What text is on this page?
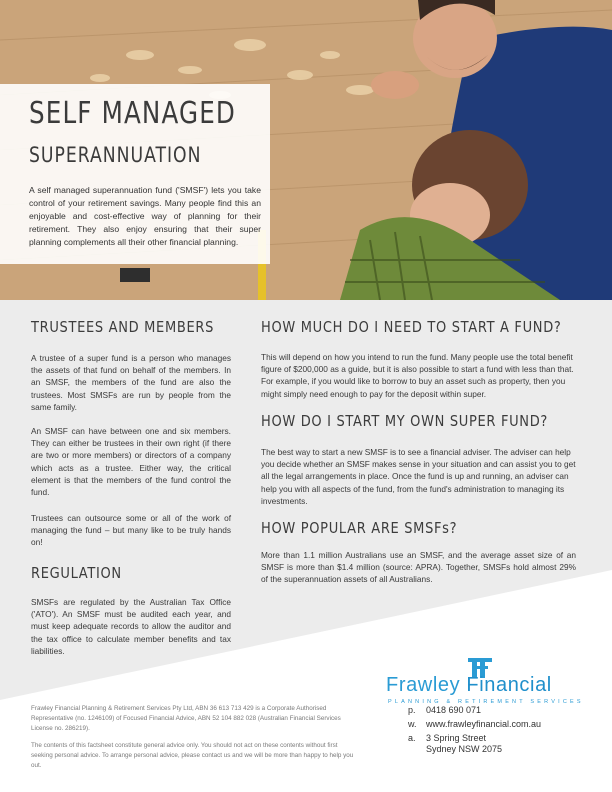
SELF MANAGED
SUPERANNUATION

A self managed superannuation fund ('SMSF') lets you take control of your retirement savings. Many people find this an enjoyable and cost-effective way of planning for their retirement. They also enjoy ensuring that their super planning complements all their other financial planning.

TRUSTEES AND MEMBERS

A trustee of a super fund is a person who manages the assets of that fund on behalf of the members. In an SMSF, the members of the fund are also the trustees. Most SMSFs are run by people from the same family.

An SMSF can have between one and six members. They can either be trustees in their own right (if there are two or more members) or directors of a company which acts as a trustee. Either way, the critical element is that the members of the fund control the fund.

Trustees can outsource some or all of the work of managing the fund – but many like to be truly hands on!

REGULATION

SMSFs are regulated by the Australian Tax Office ('ATO'). An SMSF must be audited each year, and must keep adequate records to allow the auditor and the tax office to calculate member benefits and tax liabilities.

HOW MUCH DO I NEED TO START A FUND?

This will depend on how you intend to run the fund. Many people use the total benefit figure of $200,000 as a guide, but it is also possible to start a fund with less than that. For example, if you would like to borrow to buy an asset such as property, then you might simply need enough to pay for the deposit within super.

HOW DO I START MY OWN SUPER FUND?

The best way to start a new SMSF is to see a financial adviser. The adviser can help you decide whether an SMSF makes sense in your situation and can assist you to get all the legal arrangements in place. Once the fund is up and running, an adviser can help you with all aspects of the fund, from the fund's administration to managing its investments.

HOW POPULAR ARE SMSFs?

More than 1.1 million Australians use an SMSF, and the average asset size of an SMSF is more than $1.4 million (source: APRA). Together, SMSFs hold almost 29% of the superannuation assets of all Australians.

Frawley Financial Planning & Retirement Services Pty Ltd, ABN 36 613 713 429 is a Corporate Authorised Representative (no. 1246109) of Focused Financial Advice, ABN 52 104 882 028 (Australian Financial Services License no. 286219).

The contents of this factsheet constitute general advice only. You should not act on these contents without first seeking personal advice. To arrange personal advice, please contact us and we will be more than happy to help you out.

Frawley Financial
PLANNING & RETIREMENT SERVICES
p. 0418 690 071
w. www.frawleyfinancial.com.au
a. 3 Spring Street
Sydney NSW 2075
